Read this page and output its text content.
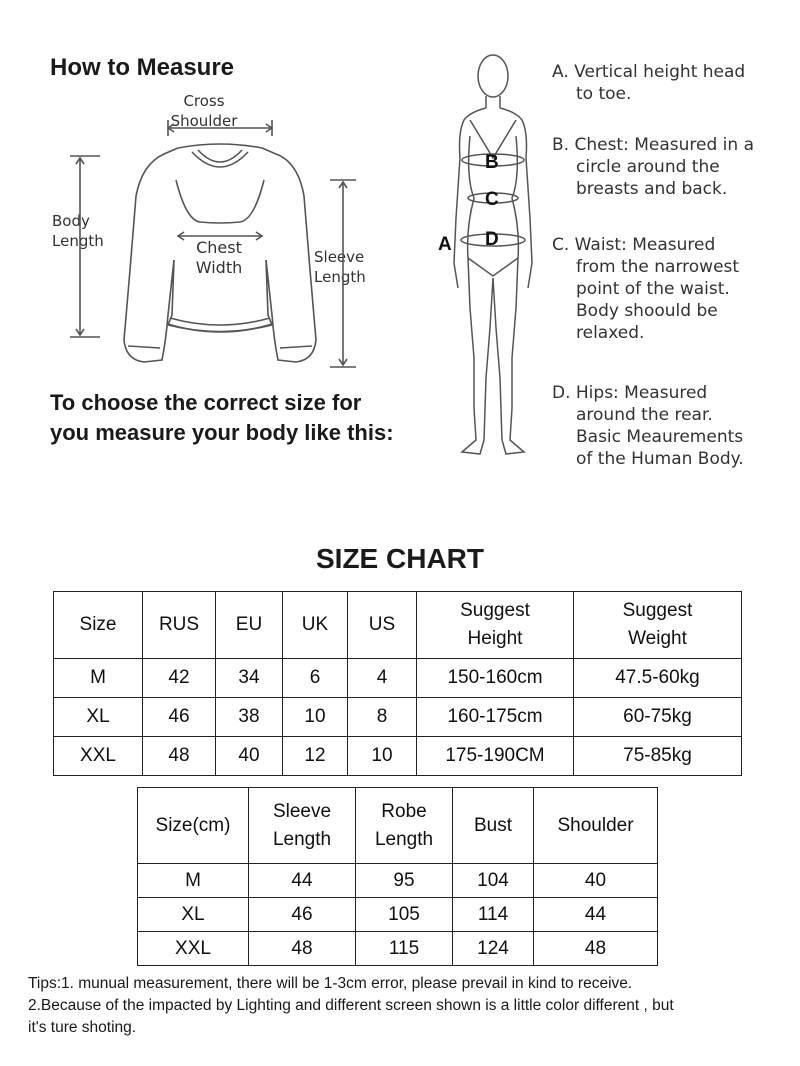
How to Measure
Cross Shoulder
Body Length
Sleeve Length
Chest Width
To choose the correct size for
you measure your body like this:
A
B
C
D
A. Vertical height head
to toe.
B. Chest: Measured in a
circle around the
breasts and back.
C. Waist: Measured
from the narrowest
point of the waist.
Body shoould be
relaxed.
D. Hips: Measured
around the rear.
Basic Meaurements
of the Human Body.
SIZE CHART
Size	RUS	EU	UK	US	Suggest Height	Suggest Weight
M	42	34	6	4	150-160cm	47.5-60kg
XL	46	38	10	8	160-175cm	60-75kg
XXL	48	40	12	10	175-190CM	75-85kg
Size(cm)	Sleeve Length	Robe Length	Bust	Shoulder
M	44	95	104	40
XL	46	105	114	44
XXL	48	115	124	48
Tips:1. munual measurement, there will be 1-3cm error, please prevail in kind to receive.
2.Because of the impacted by Lighting and different screen shown is a little color different , but
it's ture shoting.
